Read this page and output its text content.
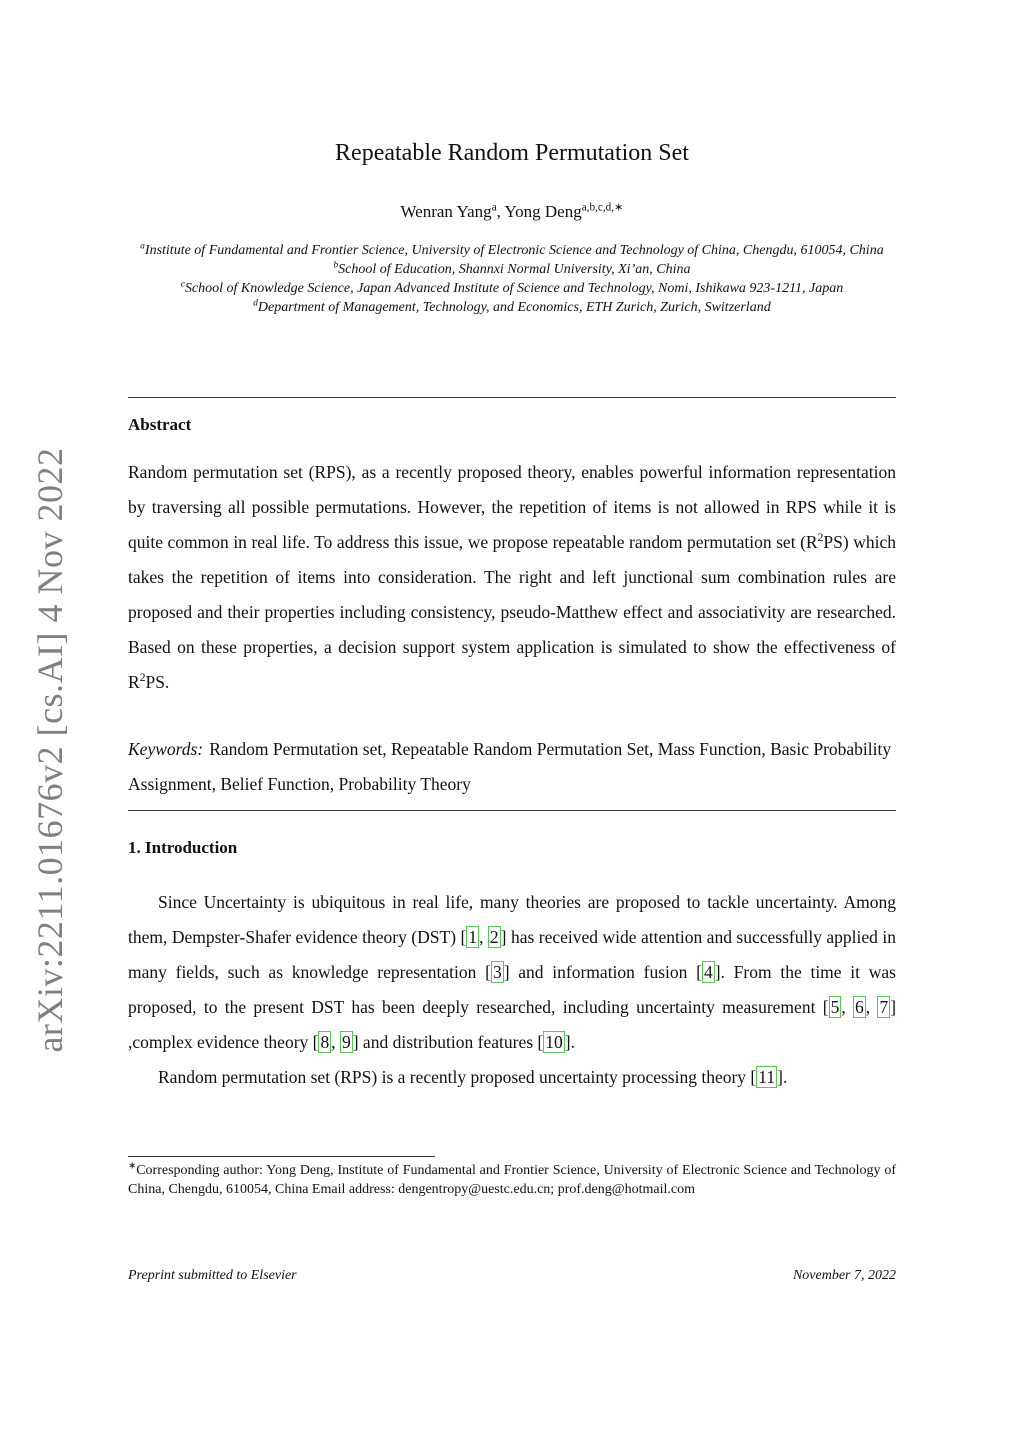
arXiv:2211.01676v2 [cs.AI] 4 Nov 2022
Repeatable Random Permutation Set
Wenran Yang$^a$, Yong Deng$^{a,b,c,d,∗}$
$^a$Institute of Fundamental and Frontier Science, University of Electronic Science and Technology of China, Chengdu, 610054, China
$^b$School of Education, Shannxi Normal University, Xi’an, China
$^c$School of Knowledge Science, Japan Advanced Institute of Science and Technology, Nomi, Ishikawa 923-1211, Japan
$^d$Department of Management, Technology, and Economics, ETH Zurich, Zurich, Switzerland
Abstract
Random permutation set (RPS), as a recently proposed theory, enables powerful information representation by traversing all possible permutations. However, the repetition of items is not allowed in RPS while it is quite common in real life. To address this issue, we propose repeatable random permutation set $(R^2PS)$ which takes the repetition of items into consideration. The right and left junctional sum combination rules are proposed and their properties including consistency, pseudo-Matthew effect and associativity are researched. Based on these properties, a decision support system application is simulated to show the effectiveness of $R^2PS$.
Keywords: Random Permutation set, Repeatable Random Permutation Set, Mass Function, Basic Probability Assignment, Belief Function, Probability Theory
1. Introduction

Since Uncertainty is ubiquitous in real life, many theories are proposed to tackle uncertainty. Among them, Dempster-Shafer evidence theory (DST) [ 1 , 2 ] has received wide attention and successfully applied in many fields, such as knowledge representation [ 3 ] and information fusion [ 4 ]. From the time it was proposed, to the present DST has been deeply researched, including uncertainty measurement [ 5 , 6 , 7 ] ,complex evidence theory [ 8 , 9 ] and distribution features [ 10 ].

Random permutation set (RPS) is a recently proposed uncertainty processing theory [ 11 ].

∗Corresponding author: Yong Deng, Institute of Fundamental and Frontier Science, University of Electronic Science and Technology of China, Chengdu, 610054, China Email address: dengentropy@uestc.edu.cn; prof.deng@hotmail.com
Preprint submitted to Elsevier	November 7, 2022
